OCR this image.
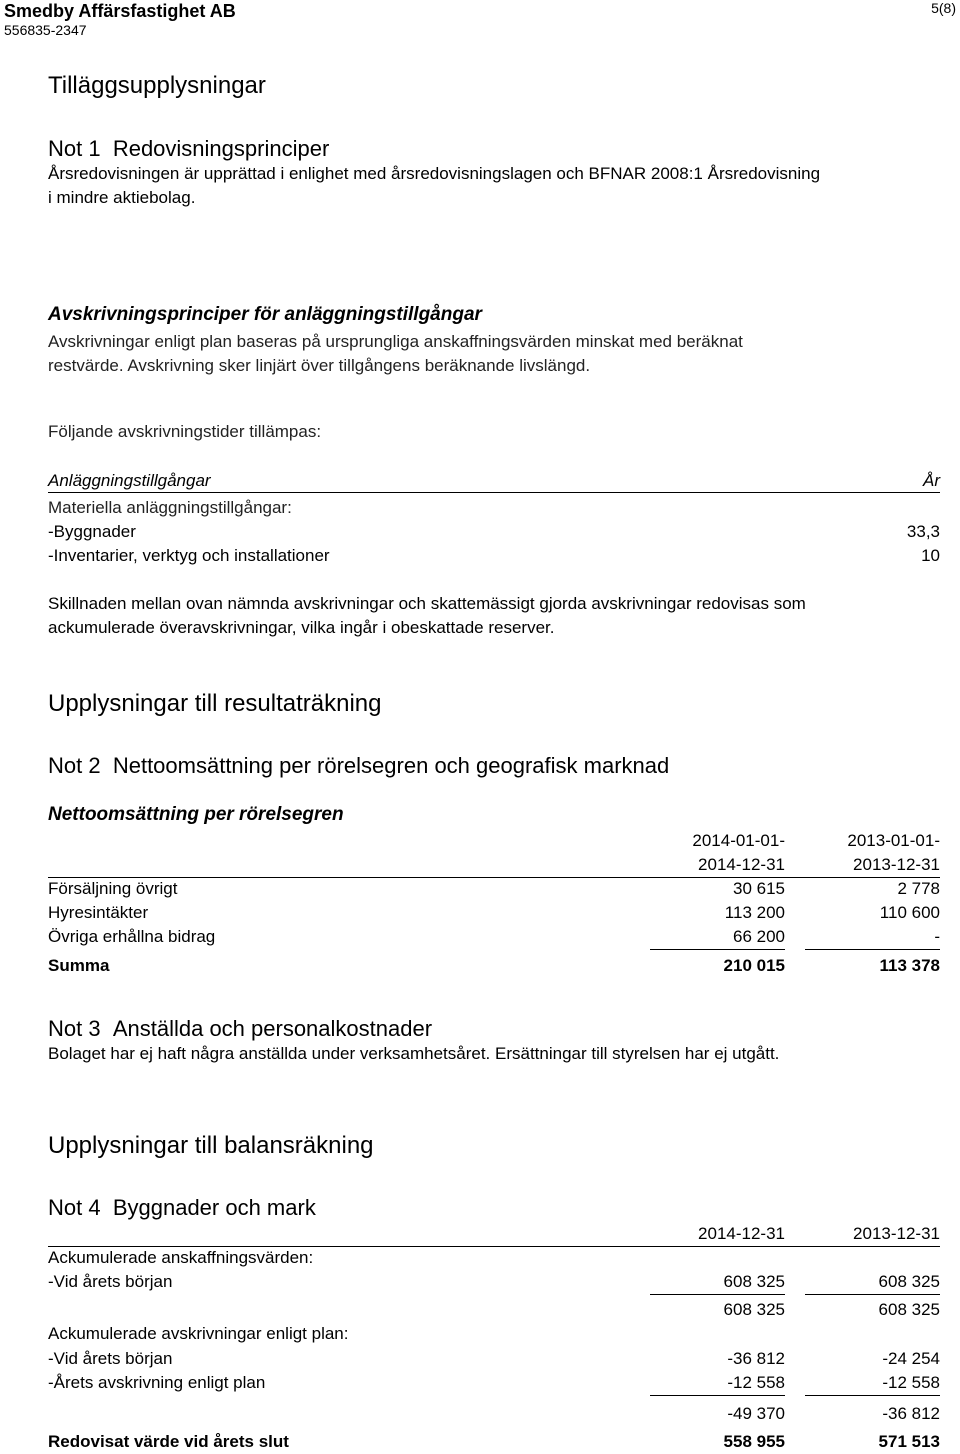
Smedby Affärsfastighet AB
556835-2347
5(8)
Tilläggsupplysningar
Not 1 Redovisningsprinciper
Årsredovisningen är upprättad i enlighet med årsredovisningslagen och BFNAR 2008:1 Årsredovisning
i mindre aktiebolag.
Avskrivningsprinciper för anläggningstillgångar
Avskrivningar enligt plan baseras på ursprungliga anskaffningsvärden minskat med beräknat
restvärde. Avskrivning sker linjärt över tillgångens beräknande livslängd.
Följande avskrivningstider tillämpas:
Anläggningstillgångar	År
Materiella anläggningstillgångar:
-Byggnader	33,3
-Inventarier, verktyg och installationer	10
Skillnaden mellan ovan nämnda avskrivningar och skattemässigt gjorda avskrivningar redovisas som
ackumulerade överavskrivningar, vilka ingår i obeskattade reserver.
Upplysningar till resultaträkning
Not 2 Nettoomsättning per rörelsegren och geografisk marknad
Nettoomsättning per rörelsegren
2014-01-01-	2013-01-01-
2014-12-31	2013-12-31
Försäljning övrigt	30 615	2 778
Hyresintäkter	113 200	110 600
Övriga erhållna bidrag	66 200	-
Summa	210 015	113 378
Not 3 Anställda och personalkostnader
Bolaget har ej haft några anställda under verksamhetsåret. Ersättningar till styrelsen har ej utgått.
Upplysningar till balansräkning
Not 4 Byggnader och mark
2014-12-31	2013-12-31
Ackumulerade anskaffningsvärden:
-Vid årets början	608 325	608 325
608 325	608 325
Ackumulerade avskrivningar enligt plan:
-Vid årets början	-36 812	-24 254
-Årets avskrivning enligt plan	-12 558	-12 558
-49 370	-36 812
Redovisat värde vid årets slut	558 955	571 513
